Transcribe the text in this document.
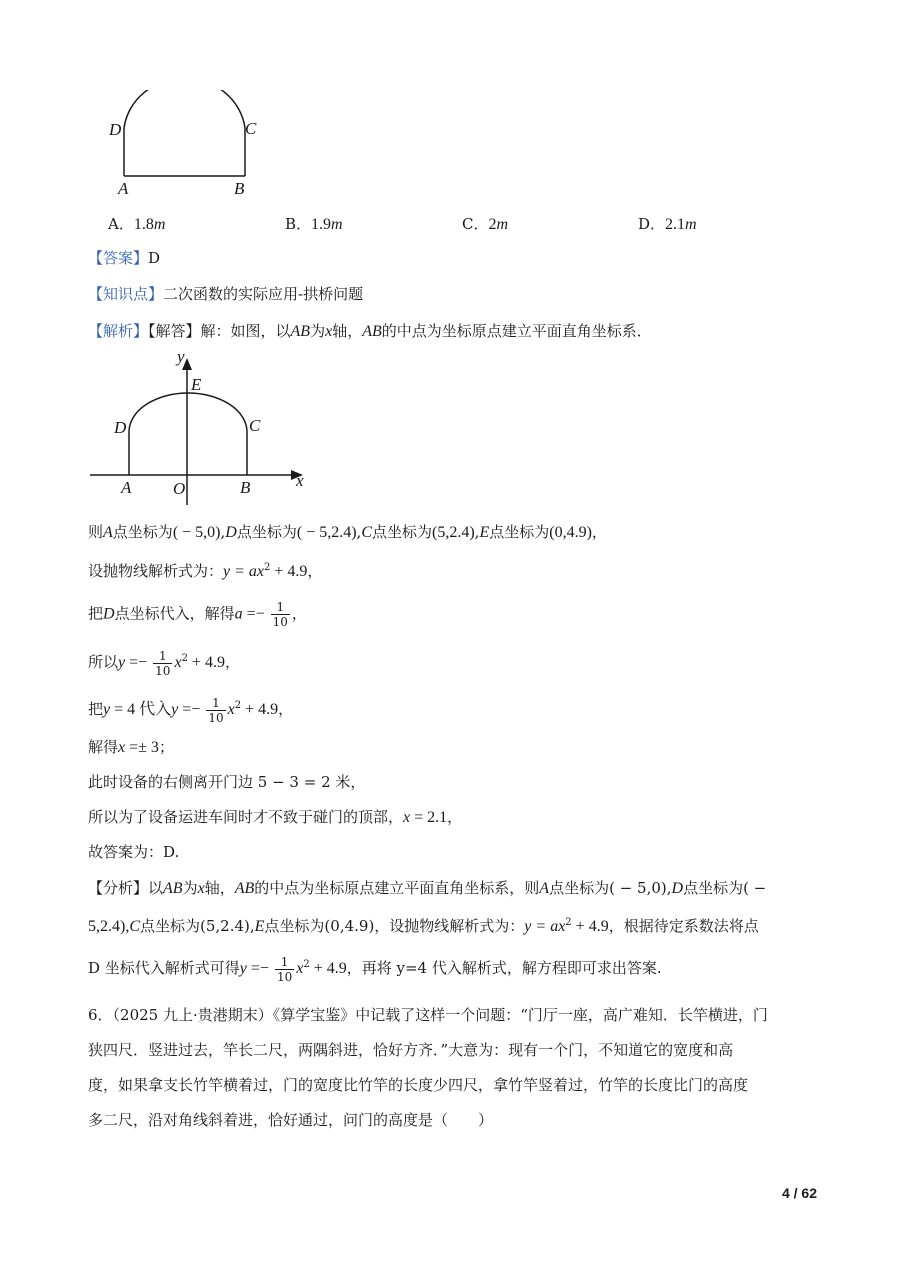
D	C
A	B
A．1.8m	B．1.9m	C．2m	D．2.1m
【答案】D
【知识点】二次函数的实际应用-拱桥问题
【解析】【解答】解：如图，以AB为x轴，AB的中点为坐标原点建立平面直角坐标系．
y
x
E
D	C
A O	B
则A点坐标为( − 5,0),D点坐标为( − 5,2.4),C点坐标为(5,2.4),E点坐标为(0,4.9)，
设抛物线解析式为：$y = ax^2 + 4.9$，
把D点坐标代入，解得$a =- \frac{1}{10}$ ，
所以$y =- \frac{1}{10} x^2 + 4.9$，
把y = 4 代入$y =- \frac{1}{10} x^2 + 4.9$，
解得x =± 3；
此时设备的右侧离开门边 5 − 3 = 2 米，
所以为了设备运进车间时才不致于碰门的顶部，x = 2.1，
故答案为：D.
【分析】以AB为x轴，AB的中点为坐标原点建立平面直角坐标系，则A点坐标为( − 5,0),D点坐标为( −
5,2.4),C点坐标为(5,2.4),E点坐标为(0,4.9)，设抛物线解析式为：$y = ax^2 + 4.9$，根据待定系数法将点
D 坐标代入解析式可得$y =- \frac{1}{10} x^2 + 4.9$，再将 y=4 代入解析式，解方程即可求出答案.
6．（2025 九上·贵港期末）《算学宝鉴》中记载了这样一个问题：“门厅一座，高广难知．长竿横进，门
狭四尺．竖进过去，竿长二尺，两隅斜进，恰好方齐．”大意为：现有一个门，不知道它的宽度和高
度，如果拿支长竹竿横着过，门的宽度比竹竿的长度少四尺，拿竹竿竖着过，竹竿的长度比门的高度
多二尺，沿对角线斜着进，恰好通过，问门的高度是（　　）
4 / 62
